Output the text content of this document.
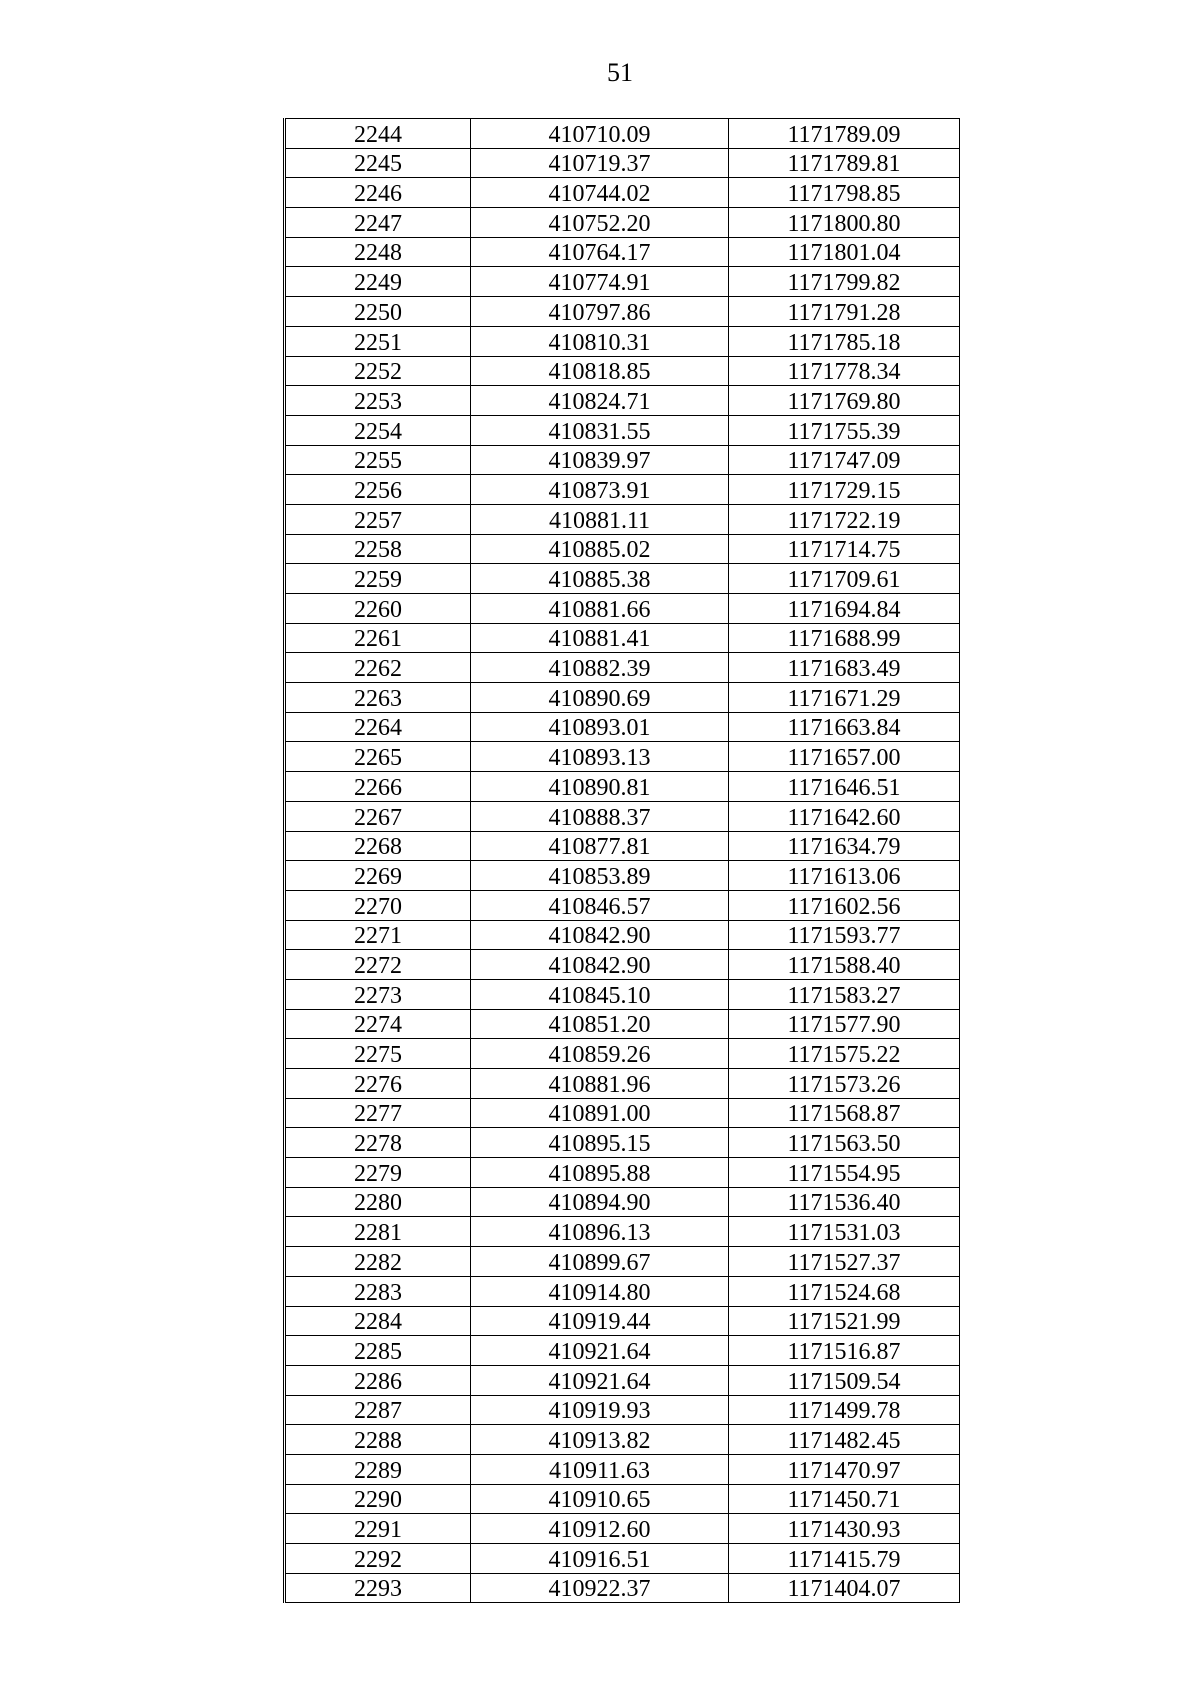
51
2244	410710.09	1171789.09
2245	410719.37	1171789.81
2246	410744.02	1171798.85
2247	410752.20	1171800.80
2248	410764.17	1171801.04
2249	410774.91	1171799.82
2250	410797.86	1171791.28
2251	410810.31	1171785.18
2252	410818.85	1171778.34
2253	410824.71	1171769.80
2254	410831.55	1171755.39
2255	410839.97	1171747.09
2256	410873.91	1171729.15
2257	410881.11	1171722.19
2258	410885.02	1171714.75
2259	410885.38	1171709.61
2260	410881.66	1171694.84
2261	410881.41	1171688.99
2262	410882.39	1171683.49
2263	410890.69	1171671.29
2264	410893.01	1171663.84
2265	410893.13	1171657.00
2266	410890.81	1171646.51
2267	410888.37	1171642.60
2268	410877.81	1171634.79
2269	410853.89	1171613.06
2270	410846.57	1171602.56
2271	410842.90	1171593.77
2272	410842.90	1171588.40
2273	410845.10	1171583.27
2274	410851.20	1171577.90
2275	410859.26	1171575.22
2276	410881.96	1171573.26
2277	410891.00	1171568.87
2278	410895.15	1171563.50
2279	410895.88	1171554.95
2280	410894.90	1171536.40
2281	410896.13	1171531.03
2282	410899.67	1171527.37
2283	410914.80	1171524.68
2284	410919.44	1171521.99
2285	410921.64	1171516.87
2286	410921.64	1171509.54
2287	410919.93	1171499.78
2288	410913.82	1171482.45
2289	410911.63	1171470.97
2290	410910.65	1171450.71
2291	410912.60	1171430.93
2292	410916.51	1171415.79
2293	410922.37	1171404.07
